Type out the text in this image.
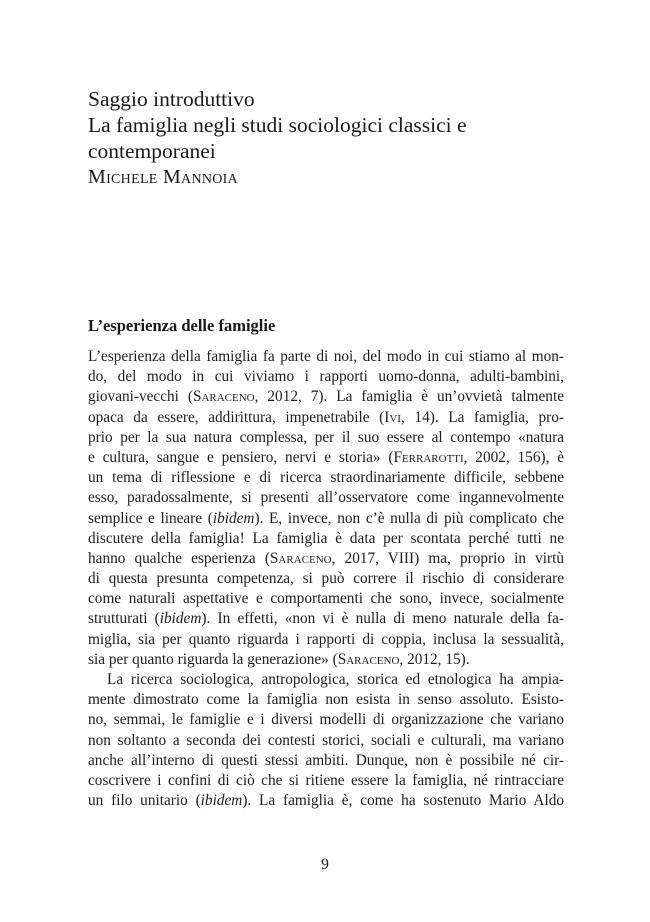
Saggio introduttivo
La famiglia negli studi sociologici classici e
contemporanei
Michele Mannoia
L’esperienza delle famiglie
L’esperienza della famiglia fa parte di noi, del modo in cui stiamo al mon-
do, del modo in cui viviamo i rapporti uomo-donna, adulti-bambini,
giovani-vecchi (Saraceno, 2012, 7). La famiglia è un’ovvietà talmente
opaca da essere, addirittura, impenetrabile (Ivi, 14). La famiglia, pro-
prio per la sua natura complessa, per il suo essere al contempo «natura
e cultura, sangue e pensiero, nervi e storia» (Ferrarotti, 2002, 156), è
un tema di riflessione e di ricerca straordinariamente difficile, sebbene
esso, paradossalmente, si presenti all’osservatore come ingannevolmente
semplice e lineare (ibidem). E, invece, non c’è nulla di più complicato che
discutere della famiglia! La famiglia è data per scontata perché tutti ne
hanno qualche esperienza (Saraceno, 2017, VIII) ma, proprio in virtù
di questa presunta competenza, si può correre il rischio di considerare
come naturali aspettative e comportamenti che sono, invece, socialmente
strutturati (ibidem). In effetti, «non vi è nulla di meno naturale della fa-
miglia, sia per quanto riguarda i rapporti di coppia, inclusa la sessualità,
sia per quanto riguarda la generazione» (Saraceno, 2012, 15).
La ricerca sociologica, antropologica, storica ed etnologica ha ampia-
mente dimostrato come la famiglia non esista in senso assoluto. Esisto-
no, semmai, le famiglie e i diversi modelli di organizzazione che variano
non soltanto a seconda dei contesti storici, sociali e culturali, ma variano
anche all’interno di questi stessi ambiti. Dunque, non è possibile né cir-
coscrivere i confini di ciò che si ritiene essere la famiglia, né rintracciare
un filo unitario (ibidem). La famiglia è, come ha sostenuto Mario Aldo
9
